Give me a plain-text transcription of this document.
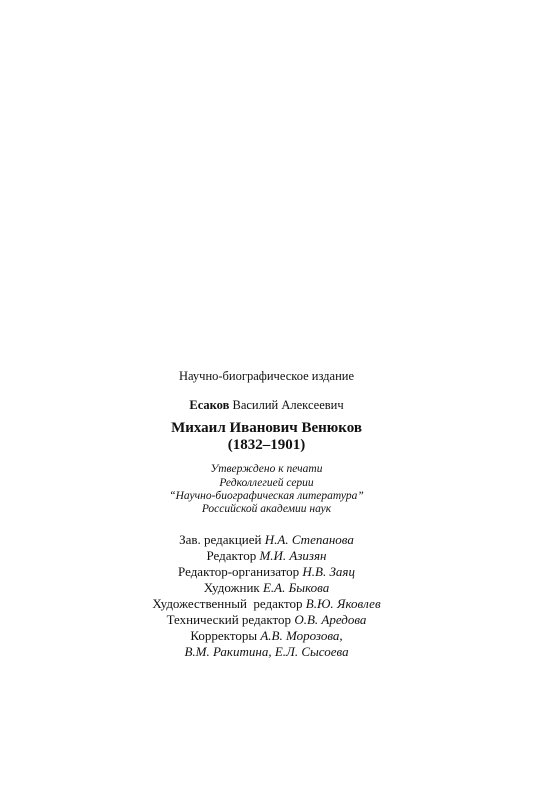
Научно-биографическое издание
Есаков Василий Алексеевич
Михаил Иванович Венюков
(1832–1901)
Утверждено к печати
Редколлегией серии
“Научно-биографическая литература”
Российской академии наук
Зав. редакцией Н.А. Степанова
Редактор М.И. Азизян
Редактор-организатор Н.В. Заяц
Художник Е.А. Быкова
Художественный  редактор В.Ю. Яковлев
Технический редактор О.В. Аредова
Корректоры А.В. Морозова,
В.М. Ракитина, Е.Л. Сысоева
